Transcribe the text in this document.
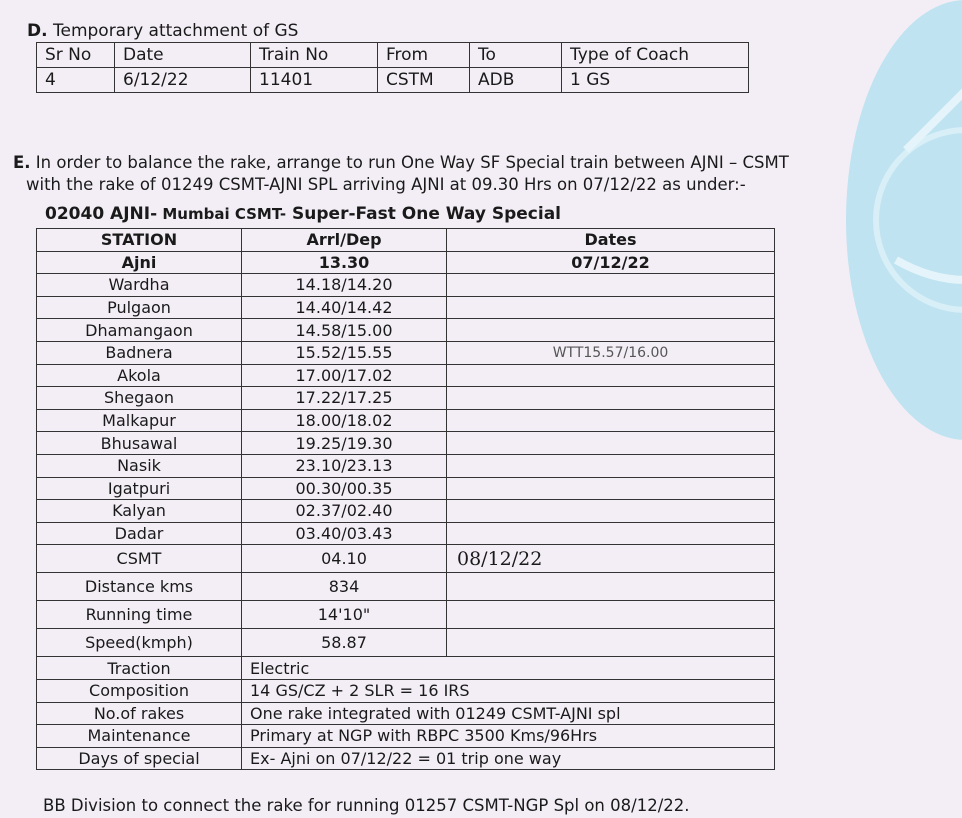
D. Temporary attachment of GS
Sr No	Date	Train No	From	To	Type of Coach
4	6/12/22	11401	CSTM	ADB	1 GS
E. In order to balance the rake, arrange to run One Way SF Special train between AJNI – CSMT
with the rake of 01249 CSMT-AJNI SPL arriving AJNI at 09.30 Hrs on 07/12/22 as under:-
02040 AJNI- Mumbai CSMT- Super-Fast One Way Special
STATION	Arrl/Dep	Dates
Ajni	13.30	07/12/22
Wardha	14.18/14.20	
Pulgaon	14.40/14.42	
Dhamangaon	14.58/15.00	
Badnera	15.52/15.55	WTT15.57/16.00
Akola	17.00/17.02	
Shegaon	17.22/17.25	
Malkapur	18.00/18.02	
Bhusawal	19.25/19.30	
Nasik	23.10/23.13	
Igatpuri	00.30/00.35	
Kalyan	02.37/02.40	
Dadar	03.40/03.43	
CSMT	04.10	08/12/22
Distance kms	834	
Running time	14'10"	
Speed(kmph)	58.87	
Traction	Electric	
Composition	14 GS/CZ + 2 SLR = 16 IRS	
No.of rakes	One rake integrated with 01249 CSMT-AJNI spl	
Maintenance	Primary at NGP with RBPC 3500 Kms/96Hrs	
Days of special	Ex- Ajni on 07/12/22 = 01 trip one way	
BB Division to connect the rake for running 01257 CSMT-NGP Spl on 08/12/22.
